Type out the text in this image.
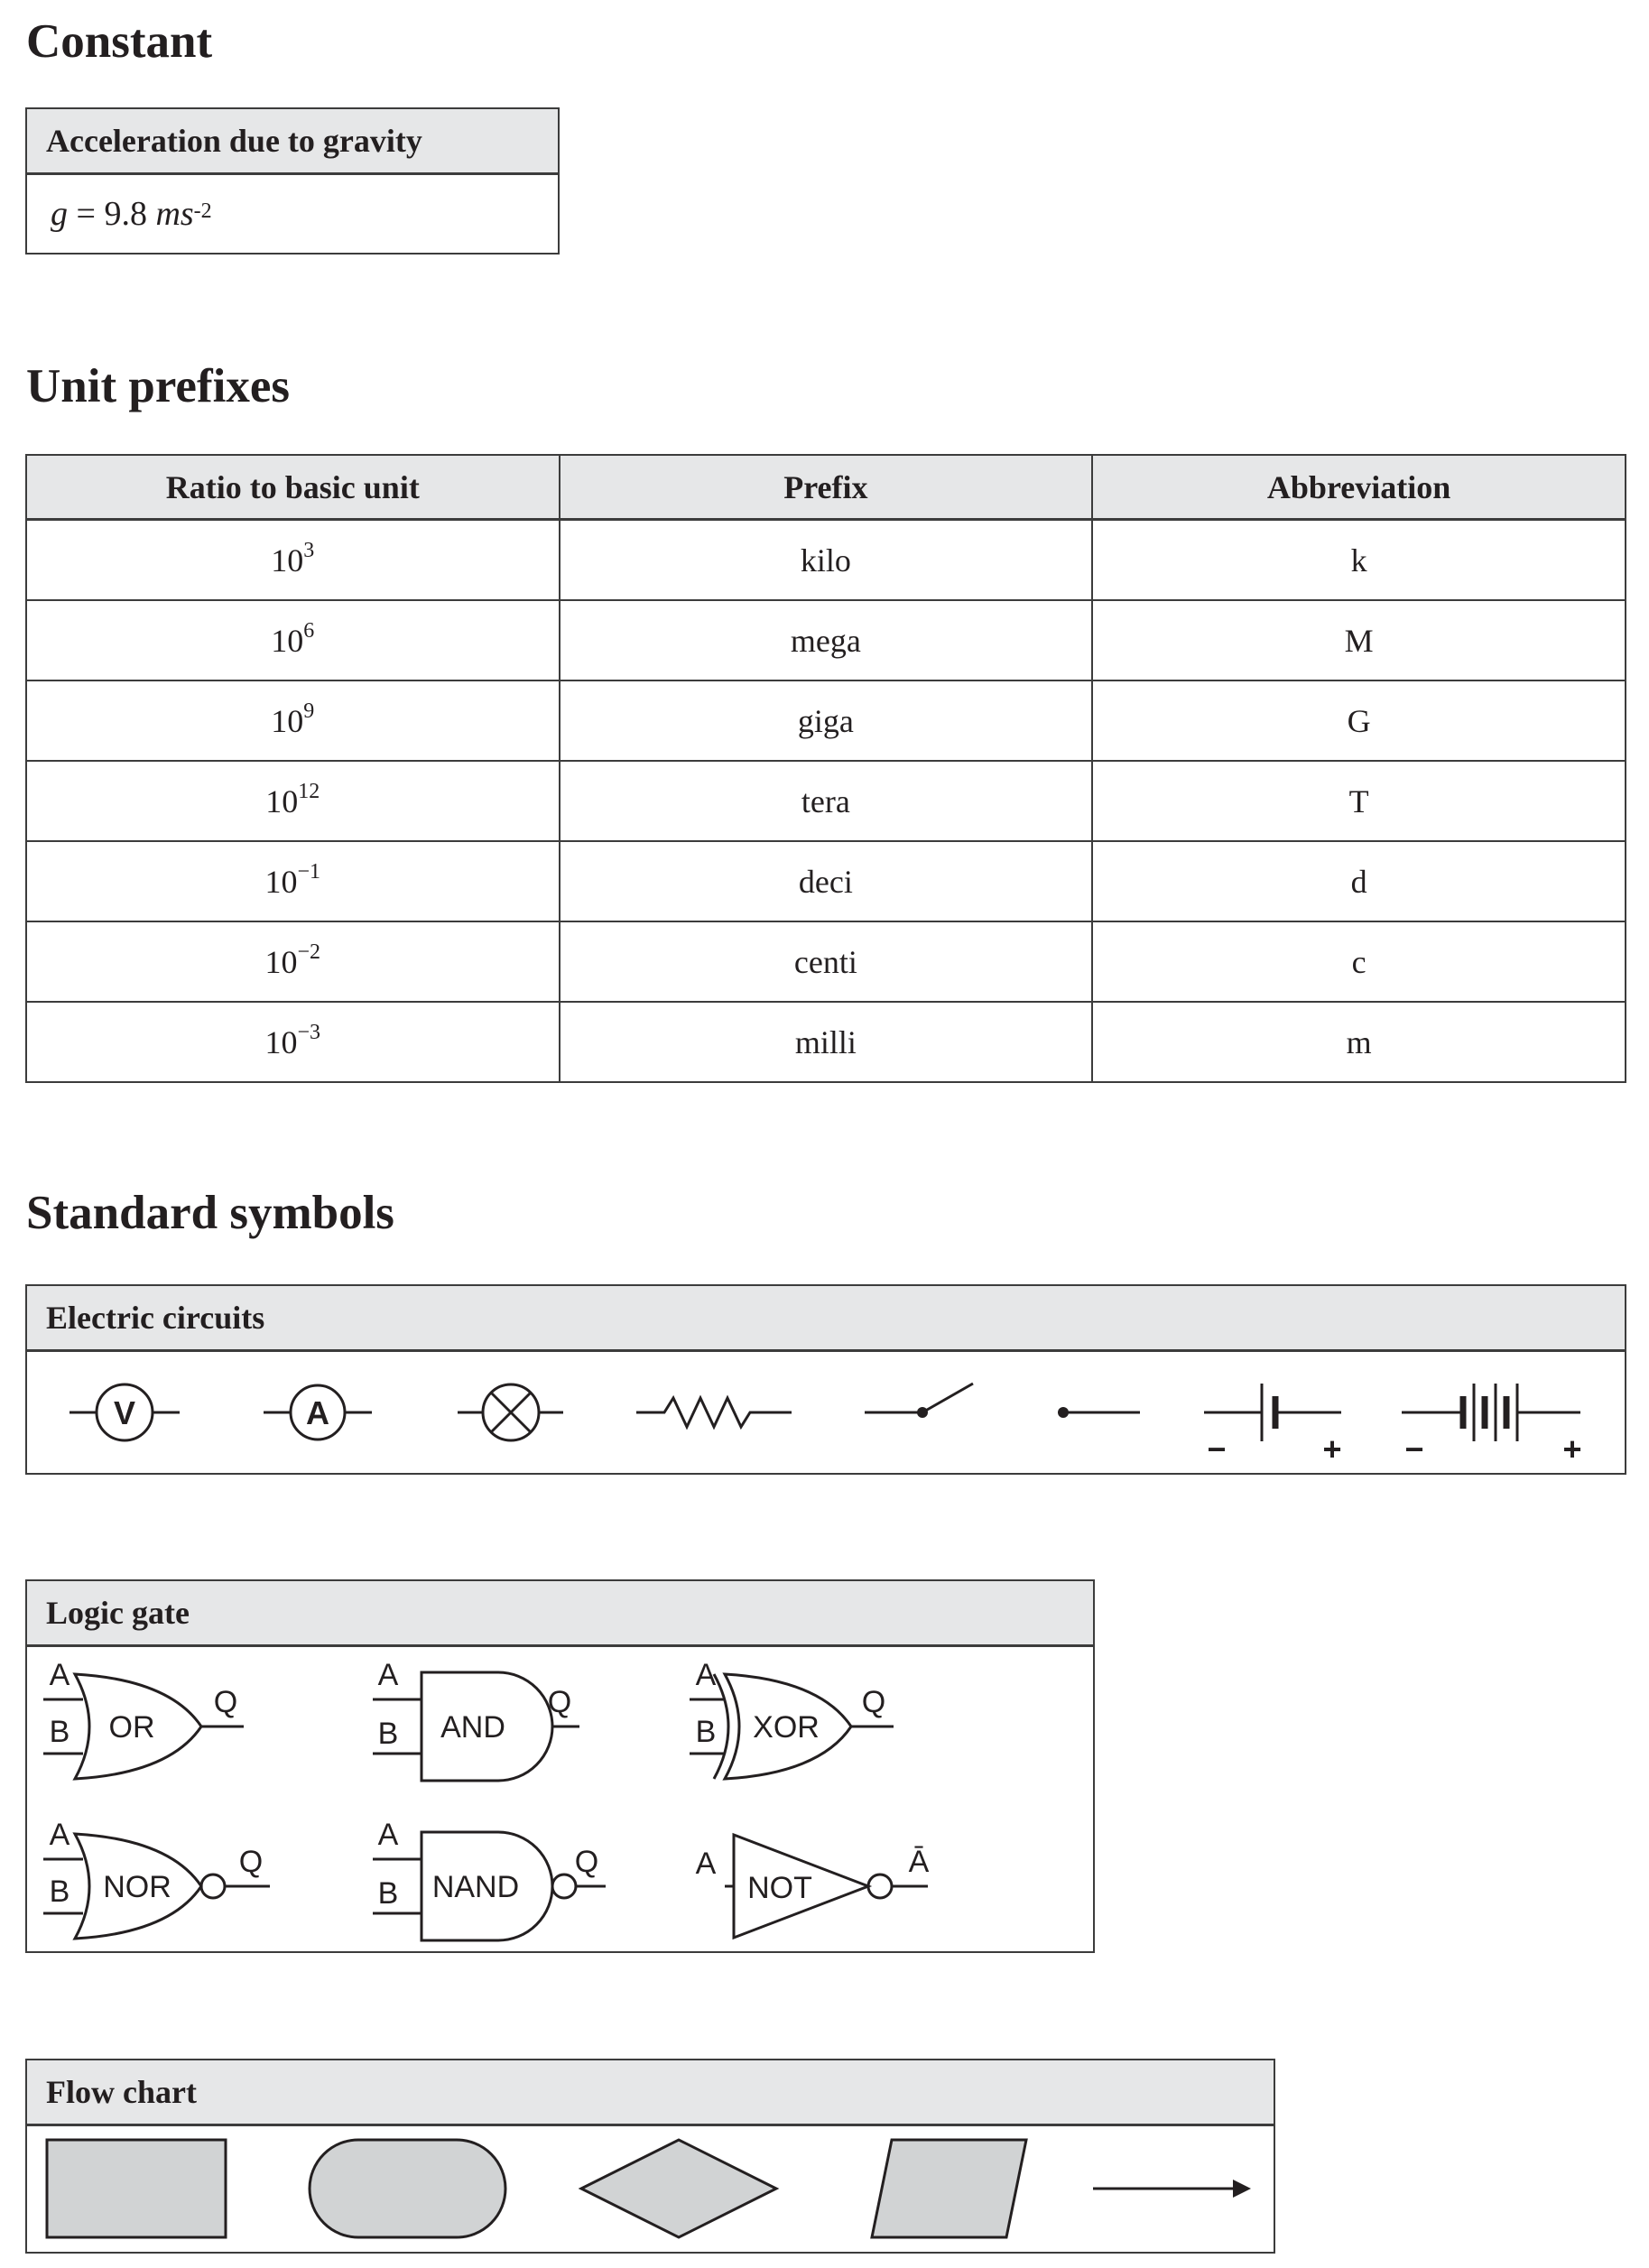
Constant
Acceleration due to gravity
g
=
9.8
$ms^{-2}$
Unit prefixes
Ratio to basic unit	Prefix	Abbreviation
$10^3$	kilo	k
$10^6$	mega	M
$10^9$	giga	G
$10^{12}$	tera	T
$10^{-1}$	deci	d
$10^{-2}$	centi	c
$10^{-3}$	milli	m
Standard symbols
Electric circuits
V	A
−	+ −	+
Logic gate
A
B OR
Q
A
B AND
Q
A
B XOR
Q
A
B NOR
Q
A
B NAND
Q	A
NOT
Ā
Flow chart
